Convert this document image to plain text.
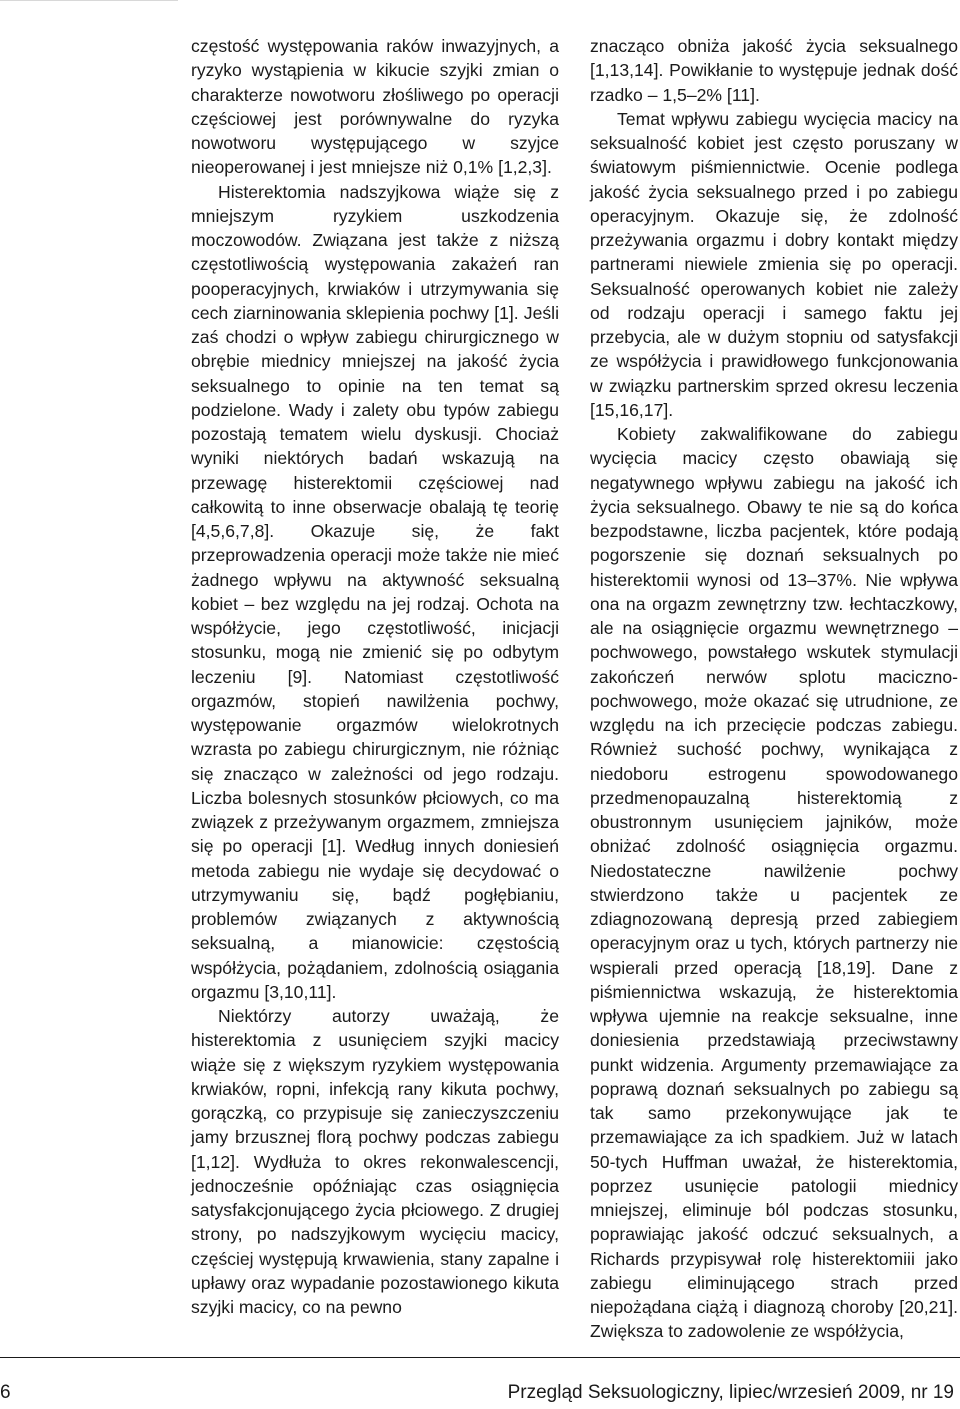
częstość występowania raków inwazyjnych, a ryzyko wystąpienia w kikucie szyjki zmian o charakterze nowotworu złośliwego po operacji częściowej jest porównywalne do ryzyka nowotworu występującego w szyjce nieoperowanej i jest mniejsze niż 0,1% [1,2,3].

Histerektomia nadszyjkowa wiąże się z mniejszym ryzykiem uszkodzenia moczowodów. Związana jest także z niższą częstotliwością występowania zakażeń ran pooperacyjnych, krwiaków i utrzymywania się cech ziarninowania sklepienia pochwy [1]. Jeśli zaś chodzi o wpływ zabiegu chirurgicznego w obrębie miednicy mniejszej na jakość życia seksualnego to opinie na ten temat są podzielone. Wady i zalety obu typów zabiegu pozostają tematem wielu dyskusji. Chociaż wyniki niektórych badań wskazują na przewagę histerektomii częściowej nad całkowitą to inne obserwacje obalają tę teorię [4,5,6,7,8]. Okazuje się, że fakt przeprowadzenia operacji może także nie mieć żadnego wpływu na aktywność seksualną kobiet – bez względu na jej rodzaj. Ochota na współżycie, jego częstotliwość, inicjacji stosunku, mogą nie zmienić się po odbytym leczeniu [9]. Natomiast częstotliwość orgazmów, stopień nawilżenia pochwy, występowanie orgazmów wielokrotnych wzrasta po zabiegu chirurgicznym, nie różniąc się znacząco w zależności od jego rodzaju. Liczba bolesnych stosunków płciowych, co ma związek z przeżywanym orgazmem, zmniejsza się po operacji [1]. Według innych doniesień metoda zabiegu nie wydaje się decydować o utrzymywaniu się, bądź pogłębianiu, problemów związanych z aktywnością seksualną, a mianowicie: częstością współżycia, pożądaniem, zdolnością osiągania orgazmu [3,10,11].

Niektórzy autorzy uważają, że histerektomia z usunięciem szyjki macicy wiąże się z większym ryzykiem występowania krwiaków, ropni, infekcją rany kikuta pochwy, gorączką, co przypisuje się zanieczyszczeniu jamy brzusznej florą pochwy podczas zabiegu [1,12]. Wydłuża to okres rekonwalescencji, jednocześnie opóźniając czas osiągnięcia satysfakcjonującego życia płciowego. Z drugiej strony, po nadszyjkowym wycięciu macicy, częściej występują krwawienia, stany zapalne i upławy oraz wypadanie pozostawionego kikuta szyjki macicy, co na pewno

znacząco obniża jakość życia seksualnego [1,13,14]. Powikłanie to występuje jednak dość rzadko – 1,5–2% [11].

Temat wpływu zabiegu wycięcia macicy na seksualność kobiet jest często poruszany w światowym piśmiennictwie. Ocenie podlega jakość życia seksualnego przed i po zabiegu operacyjnym. Okazuje się, że zdolność przeżywania orgazmu i dobry kontakt między partnerami niewiele zmienia się po operacji. Seksualność operowanych kobiet nie zależy od rodzaju operacji i samego faktu jej przebycia, ale w dużym stopniu od satysfakcji ze współżycia i prawidłowego funkcjonowania w związku partnerskim sprzed okresu leczenia [15,16,17].

Kobiety zakwalifikowane do zabiegu wycięcia macicy często obawiają się negatywnego wpływu zabiegu na jakość ich życia seksualnego. Obawy te nie są do końca bezpodstawne, liczba pacjentek, które podają pogorszenie się doznań seksualnych po histerektomii wynosi od 13–37%. Nie wpływa ona na orgazm zewnętrzny tzw. łechtaczkowy, ale na osiągnięcie orgazmu wewnętrznego – pochwowego, powstałego wskutek stymulacji zakończeń nerwów splotu maciczno-pochwowego, może okazać się utrudnione, ze względu na ich przecięcie podczas zabiegu. Również suchość pochwy, wynikająca z niedoboru estrogenu spowodowanego przedmenopauzalną histerektomią z obustronnym usunięciem jajników, może obniżać zdolność osiągnięcia orgazmu. Niedostateczne nawilżenie pochwy stwierdzono także u pacjentek ze zdiagnozowaną depresją przed zabiegiem operacyjnym oraz u tych, których partnerzy nie wspierali przed operacją [18,19]. Dane z piśmiennictwa wskazują, że histerektomia wpływa ujemnie na reakcje seksualne, inne doniesienia przedstawiają przeciwstawny punkt widzenia. Argumenty przemawiające za poprawą doznań seksualnych po zabiegu są tak samo przekonywujące jak te przemawiające za ich spadkiem. Już w latach 50-tych Huffman uważał, że histerektomia, poprzez usunięcie patologii miednicy mniejszej, eliminuje ból podczas stosunku, poprawiając jakość odczuć seksualnych, a Richards przypisywał rolę histerektomiii jako zabiegu eliminującego strach przed niepożądana ciążą i diagnozą choroby [20,21]. Zwiększa to zadowolenie ze współżycia,

6	Przegląd Seksuologiczny, lipiec/wrzesień 2009, nr 19
